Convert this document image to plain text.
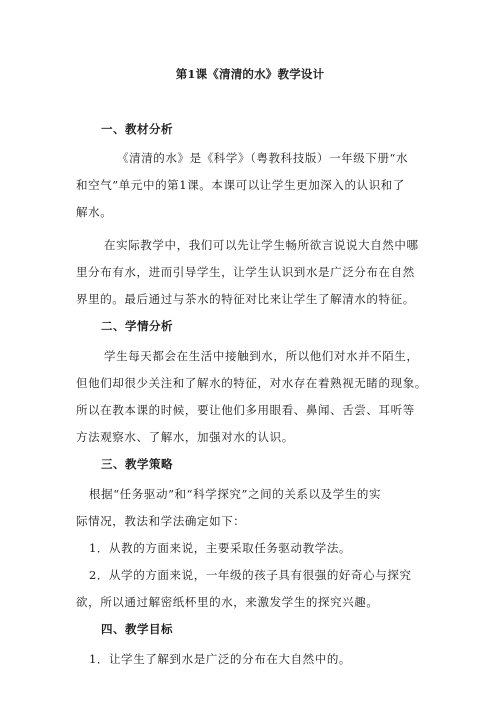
第1课《清清的水》教学设计
一、教材分析
《清清的水》是《科学》（粤教科技版）一年级下册“水
和空气”单元中的第1课。本课可以让学生更加深入的认识和了
解水。
在实际教学中，我们可以先让学生畅所欲言说说大自然中哪
里分布有水，进而引导学生，让学生认识到水是广泛分布在自然
界里的。最后通过与茶水的特征对比来让学生了解清水的特征。
二、学情分析
学生每天都会在生活中接触到水，所以他们对水并不陌生，
但他们却很少关注和了解水的特征，对水存在着熟视无睹的现象。
所以在教本课的时候，要让他们多用眼看、鼻闻、舌尝、耳听等
方法观察水、了解水，加强对水的认识。
三、教学策略
根据“任务驱动”和“科学探究”之间的关系以及学生的实
际情况，教法和学法确定如下：
1．从教的方面来说，主要采取任务驱动教学法。
2．从学的方面来说，一年级的孩子具有很强的好奇心与探究
欲，所以通过解密纸杯里的水，来激发学生的探究兴趣。
四、教学目标
1．让学生了解到水是广泛的分布在大自然中的。
